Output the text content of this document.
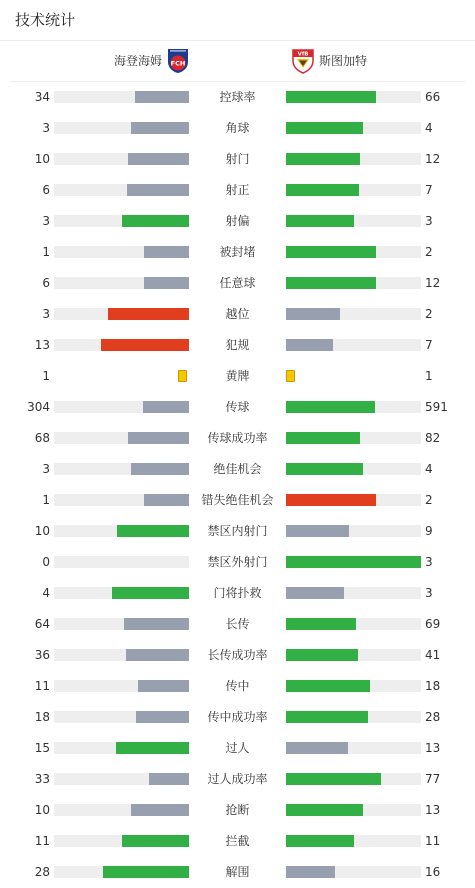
技术统计
海登海姆 FCH
VfB 斯图加特
34	控球率	66
3	角球	4
10	射门	12
6	射正	7
3	射偏	3
1	被封堵	2
6	任意球	12
3	越位	2
13	犯规	7
1	黄牌	1
304	传球	591
68	传球成功率	82
3	绝佳机会	4
1	错失绝佳机会	2
10	禁区内射门	9
0	禁区外射门	3
4	门将扑救	3
64	长传	69
36	长传成功率	41
11	传中	18
18	传中成功率	28
15	过人	13
33	过人成功率	77
10	抢断	13
11	拦截	11
28	解围	16
